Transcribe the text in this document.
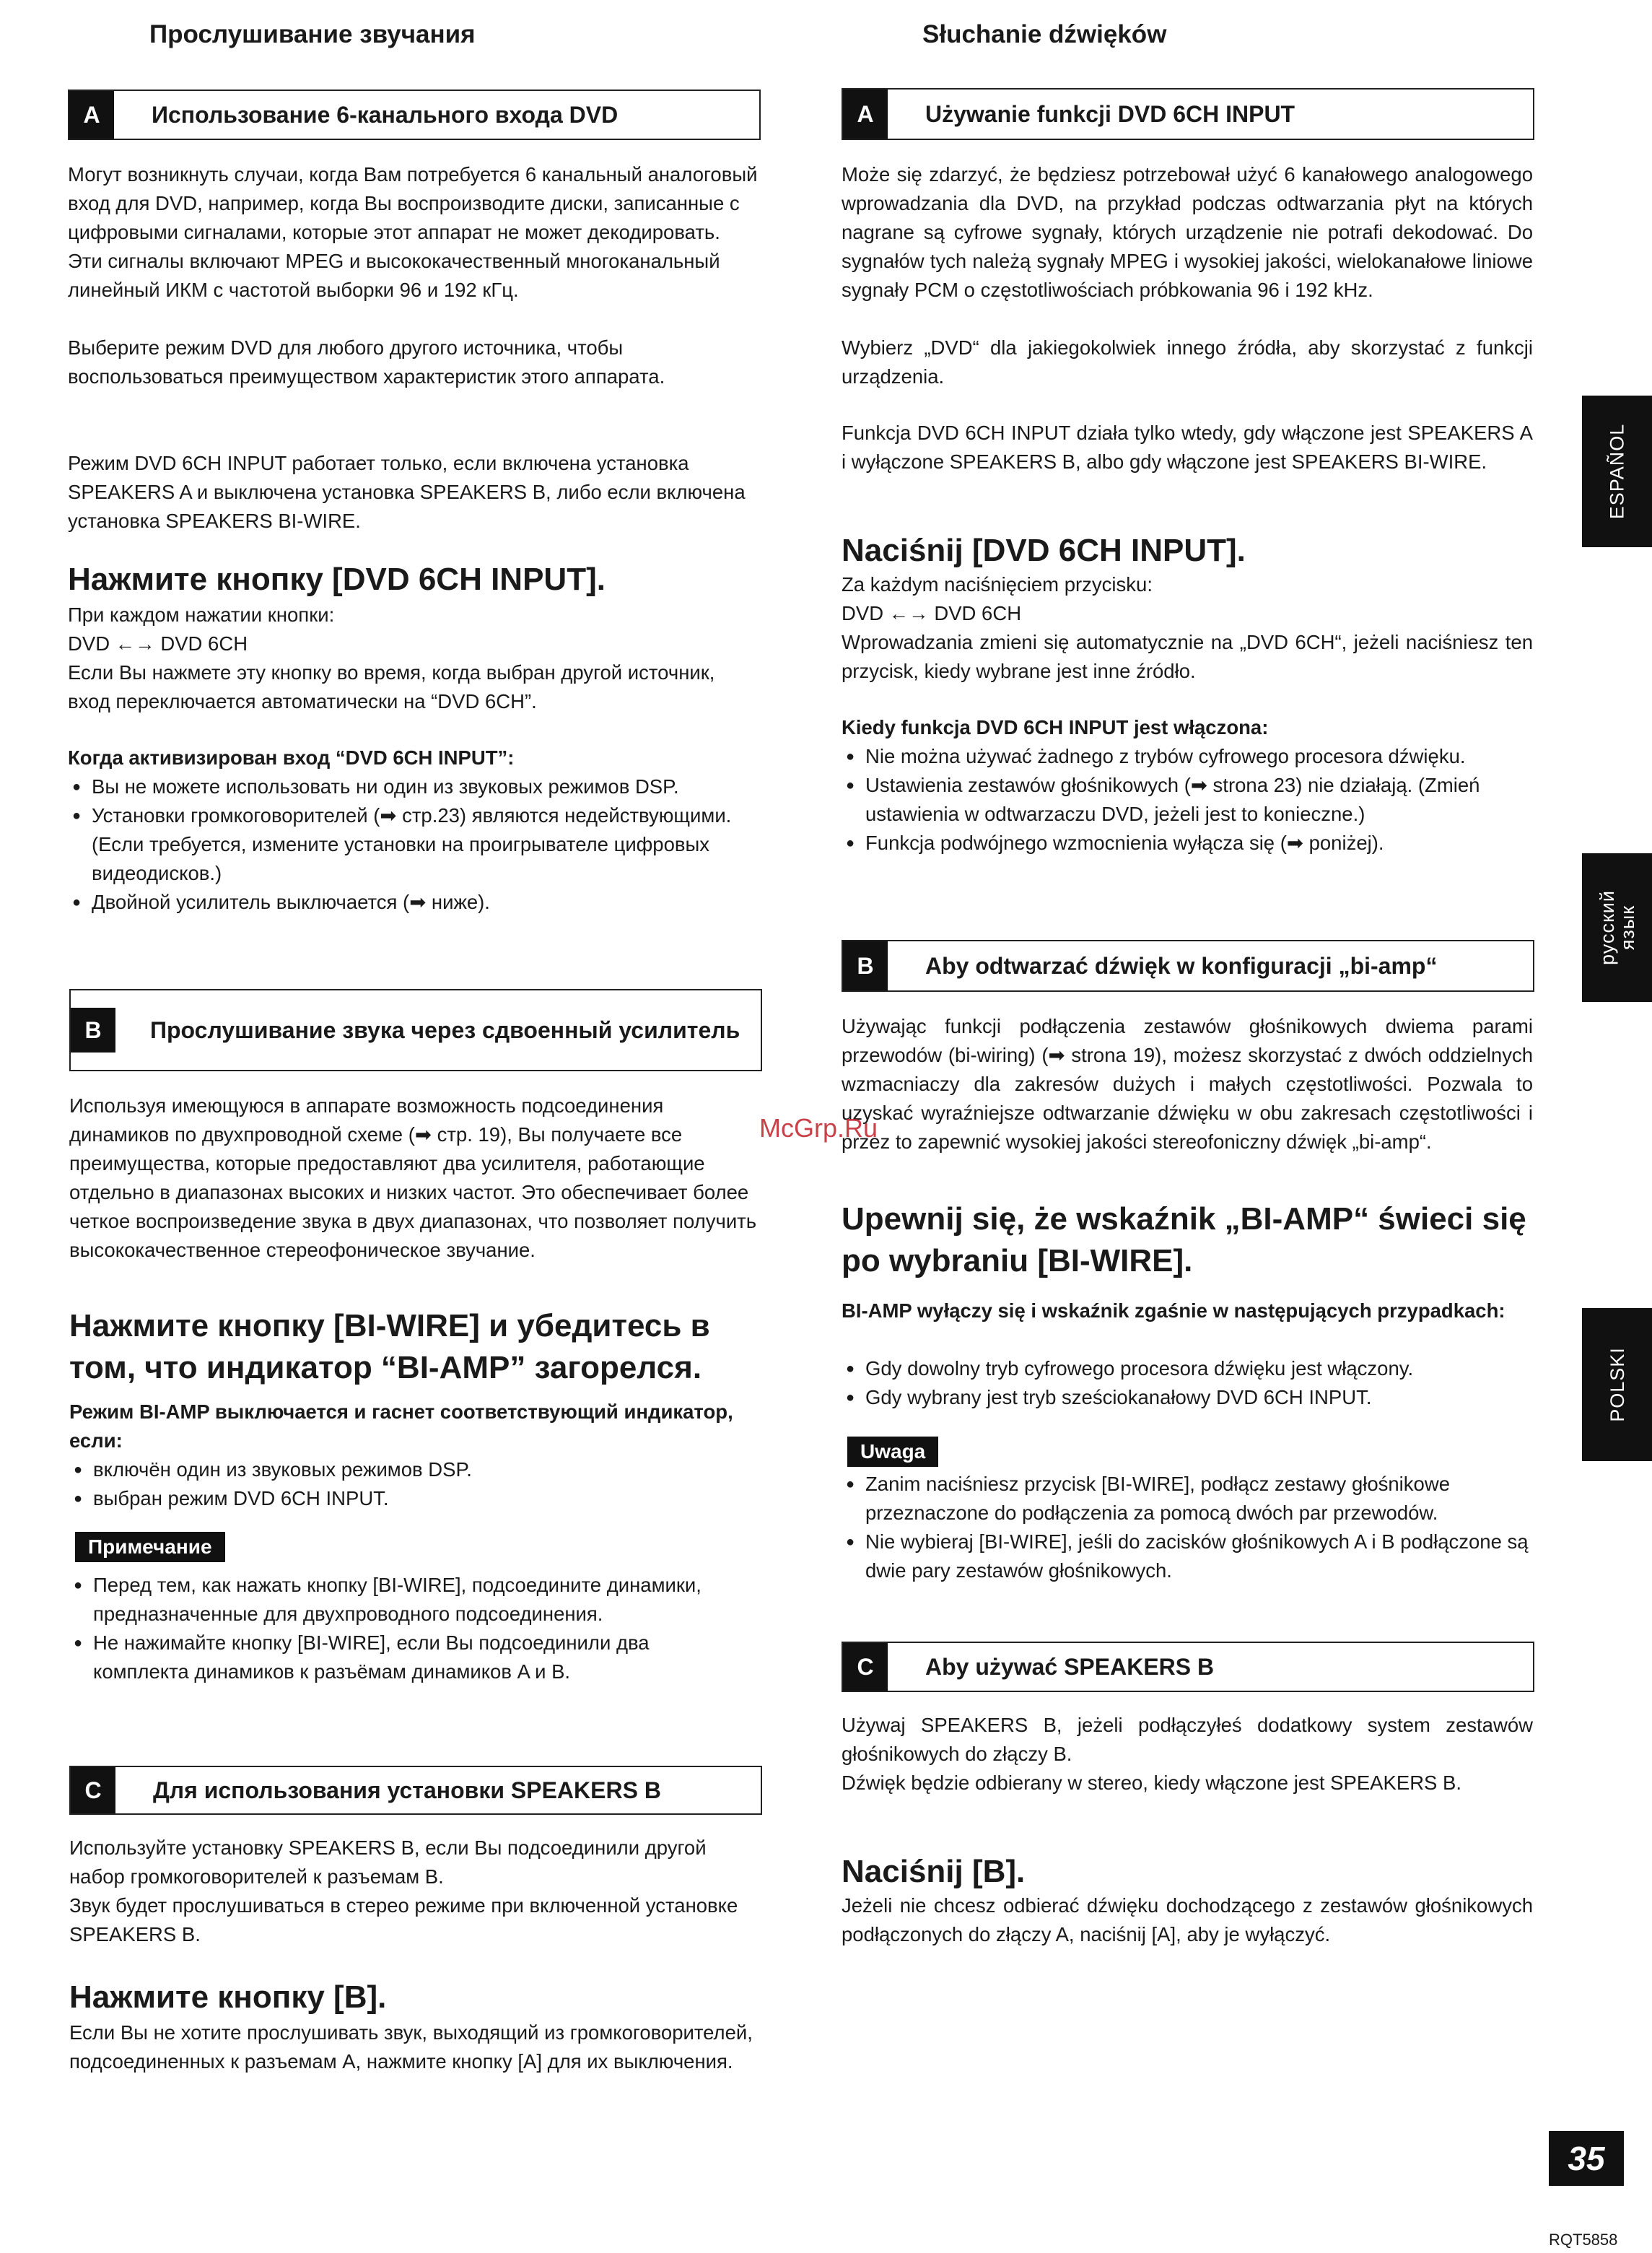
Прослушивание звучания
A	Использование 6-канального входа DVD

Могут возникнуть случаи, когда Вам потребуется 6 канальный аналоговый вход для DVD, например, когда Вы воспроизводите диски, записанные с цифровыми сигналами, которые этот аппарат не может декодировать. Эти сигналы включают MPEG и высококачественный многоканальный линейный ИКМ с частотой выборки 96 и 192 кГц.

Выберите режим DVD для любого другого источника, чтобы воспользоваться преимуществом характеристик этого аппарата.

Режим DVD 6CH INPUT работает только, если включена установка SPEAKERS A и выключена установка SPEAKERS B, либо если включена установка SPEAKERS BI-WIRE.

Нажмите кнопку [DVD 6CH INPUT].

При каждом нажатии кнопки:

DVD ←→ DVD 6CH

Если Вы нажмете эту кнопку во время, когда выбран другой источник, вход переключается автоматически на “DVD 6CH”.

Когда активизирован вход “DVD 6CH INPUT”:

● Вы не можете использовать ни один из звуковых режимов DSP.
● Установки громкоговорителей (➡ стр.23) являются недействующими. (Если требуется, измените установки на проигрывателе цифровых видеодисков.)
● Двойной усилитель выключается (➡ ниже).
B	Прослушивание звука через сдвоенный усилитель

Используя имеющуюся в аппарате возможность подсоединения динамиков по двухпроводной схеме (➡ стр. 19), Вы получаете все преимущества, которые предоставляют два усилителя, работающие отдельно в диапазонах высоких и низких частот. Это обеспечивает более четкое воспроизведение звука в двух диапазонах, что позволяет получить высококачественное стереофоническое звучание.

Нажмите кнопку [BI-WIRE] и убедитесь в том, что индикатор “BI-AMP” загорелся.

Режим BI-AMP выключается и гаснет соответствующий индикатор, если:

● включён один из звуковых режимов DSP.
● выбран режим DVD 6CH INPUT.
Примечание
● Перед тем, как нажать кнопку [BI-WIRE], подсоедините динамики, предназначенные для двухпроводного подсоединения.
● Не нажимайте кнопку [BI-WIRE], если Вы подсоединили два комплекта динамиков к разъёмам динамиков A и B.
C	Для использования установки SPEAKERS B

Используйте установку SPEAKERS B, если Вы подсоединили другой набор громкоговорителей к разъемам B.

Звук будет прослушиваться в стерео режиме при включенной установке SPEAKERS B.

Нажмите кнопку [B].

Если Вы не хотите прослушивать звук, выходящий из громкоговорителей, подсоединенных к разъемам A, нажмите кнопку [A] для их выключения.

Słuchanie dźwięków
A	Używanie funkcji DVD 6CH INPUT

Może się zdarzyć, że będziesz potrzebował użyć 6 kanałowego analogowego wprowadzania dla DVD, na przykład podczas odtwarzania płyt na których nagrane są cyfrowe sygnały, których urządzenie nie potrafi dekodować. Do sygnałów tych należą sygnały MPEG i wysokiej jakości, wielokanałowe liniowe sygnały PCM o częstotliwościach próbkowania 96 i 192 kHz.

Wybierz „DVD“ dla jakiegokolwiek innego źródła, aby skorzystać z funkcji urządzenia.

Funkcja DVD 6CH INPUT działa tylko wtedy, gdy włączone jest SPEAKERS A i wyłączone SPEAKERS B, albo gdy włączone jest SPEAKERS BI-WIRE.

Naciśnij [DVD 6CH INPUT].

Za każdym naciśnięciem przycisku:

DVD ←→ DVD 6CH

Wprowadzania zmieni się automatycznie na „DVD 6CH“, jeżeli naciśniesz ten przycisk, kiedy wybrane jest inne źródło.

Kiedy funkcja DVD 6CH INPUT jest włączona:

● Nie można używać żadnego z trybów cyfrowego procesora dźwięku.
● Ustawienia zestawów głośnikowych (➡ strona 23) nie działają. (Zmień ustawienia w odtwarzaczu DVD, jeżeli jest to konieczne.)
● Funkcja podwójnego wzmocnienia wyłącza się (➡ poniżej).
B	Aby odtwarzać dźwięk w konfiguracji „bi-amp“

Używając funkcji podłączenia zestawów głośnikowych dwiema parami przewodów (bi-wiring) (➡ strona 19), możesz skorzystać z dwóch oddzielnych wzmacniaczy dla zakresów dużych i małych częstotliwości. Pozwala to uzyskać wyraźniejsze odtwarzanie dźwięku w obu zakresach częstotliwości i przez to zapewnić wysokiej jakości stereofoniczny dźwięk „bi-amp“.

Upewnij się, że wskaźnik „BI-AMP“ świeci się po wybraniu [BI-WIRE].

BI-AMP wyłączy się i wskaźnik zgaśnie w następujących przypadkach:

● Gdy dowolny tryb cyfrowego procesora dźwięku jest włączony.
● Gdy wybrany jest tryb sześciokanałowy DVD 6CH INPUT.
Uwaga
● Zanim naciśniesz przycisk [BI-WIRE], podłącz zestawy głośnikowe przeznaczone do podłączenia za pomocą dwóch par przewodów.
● Nie wybieraj [BI-WIRE], jeśli do zacisków głośnikowych A i B podłączone są dwie pary zestawów głośnikowych.
C	Aby używać SPEAKERS B

Używaj SPEAKERS B, jeżeli podłączyłeś dodatkowy system zestawów głośnikowych do złączy B.

Dźwięk będzie odbierany w stereo, kiedy włączone jest SPEAKERS B.

Naciśnij [B].

Jeżeli nie chcesz odbierać dźwięku dochodzącego z zestawów głośnikowych podłączonych do złączy A, naciśnij [A], aby je wyłączyć.

ESPAÑOL
русский
язык
POLSKI
McGrp.Ru
35
RQT5858
